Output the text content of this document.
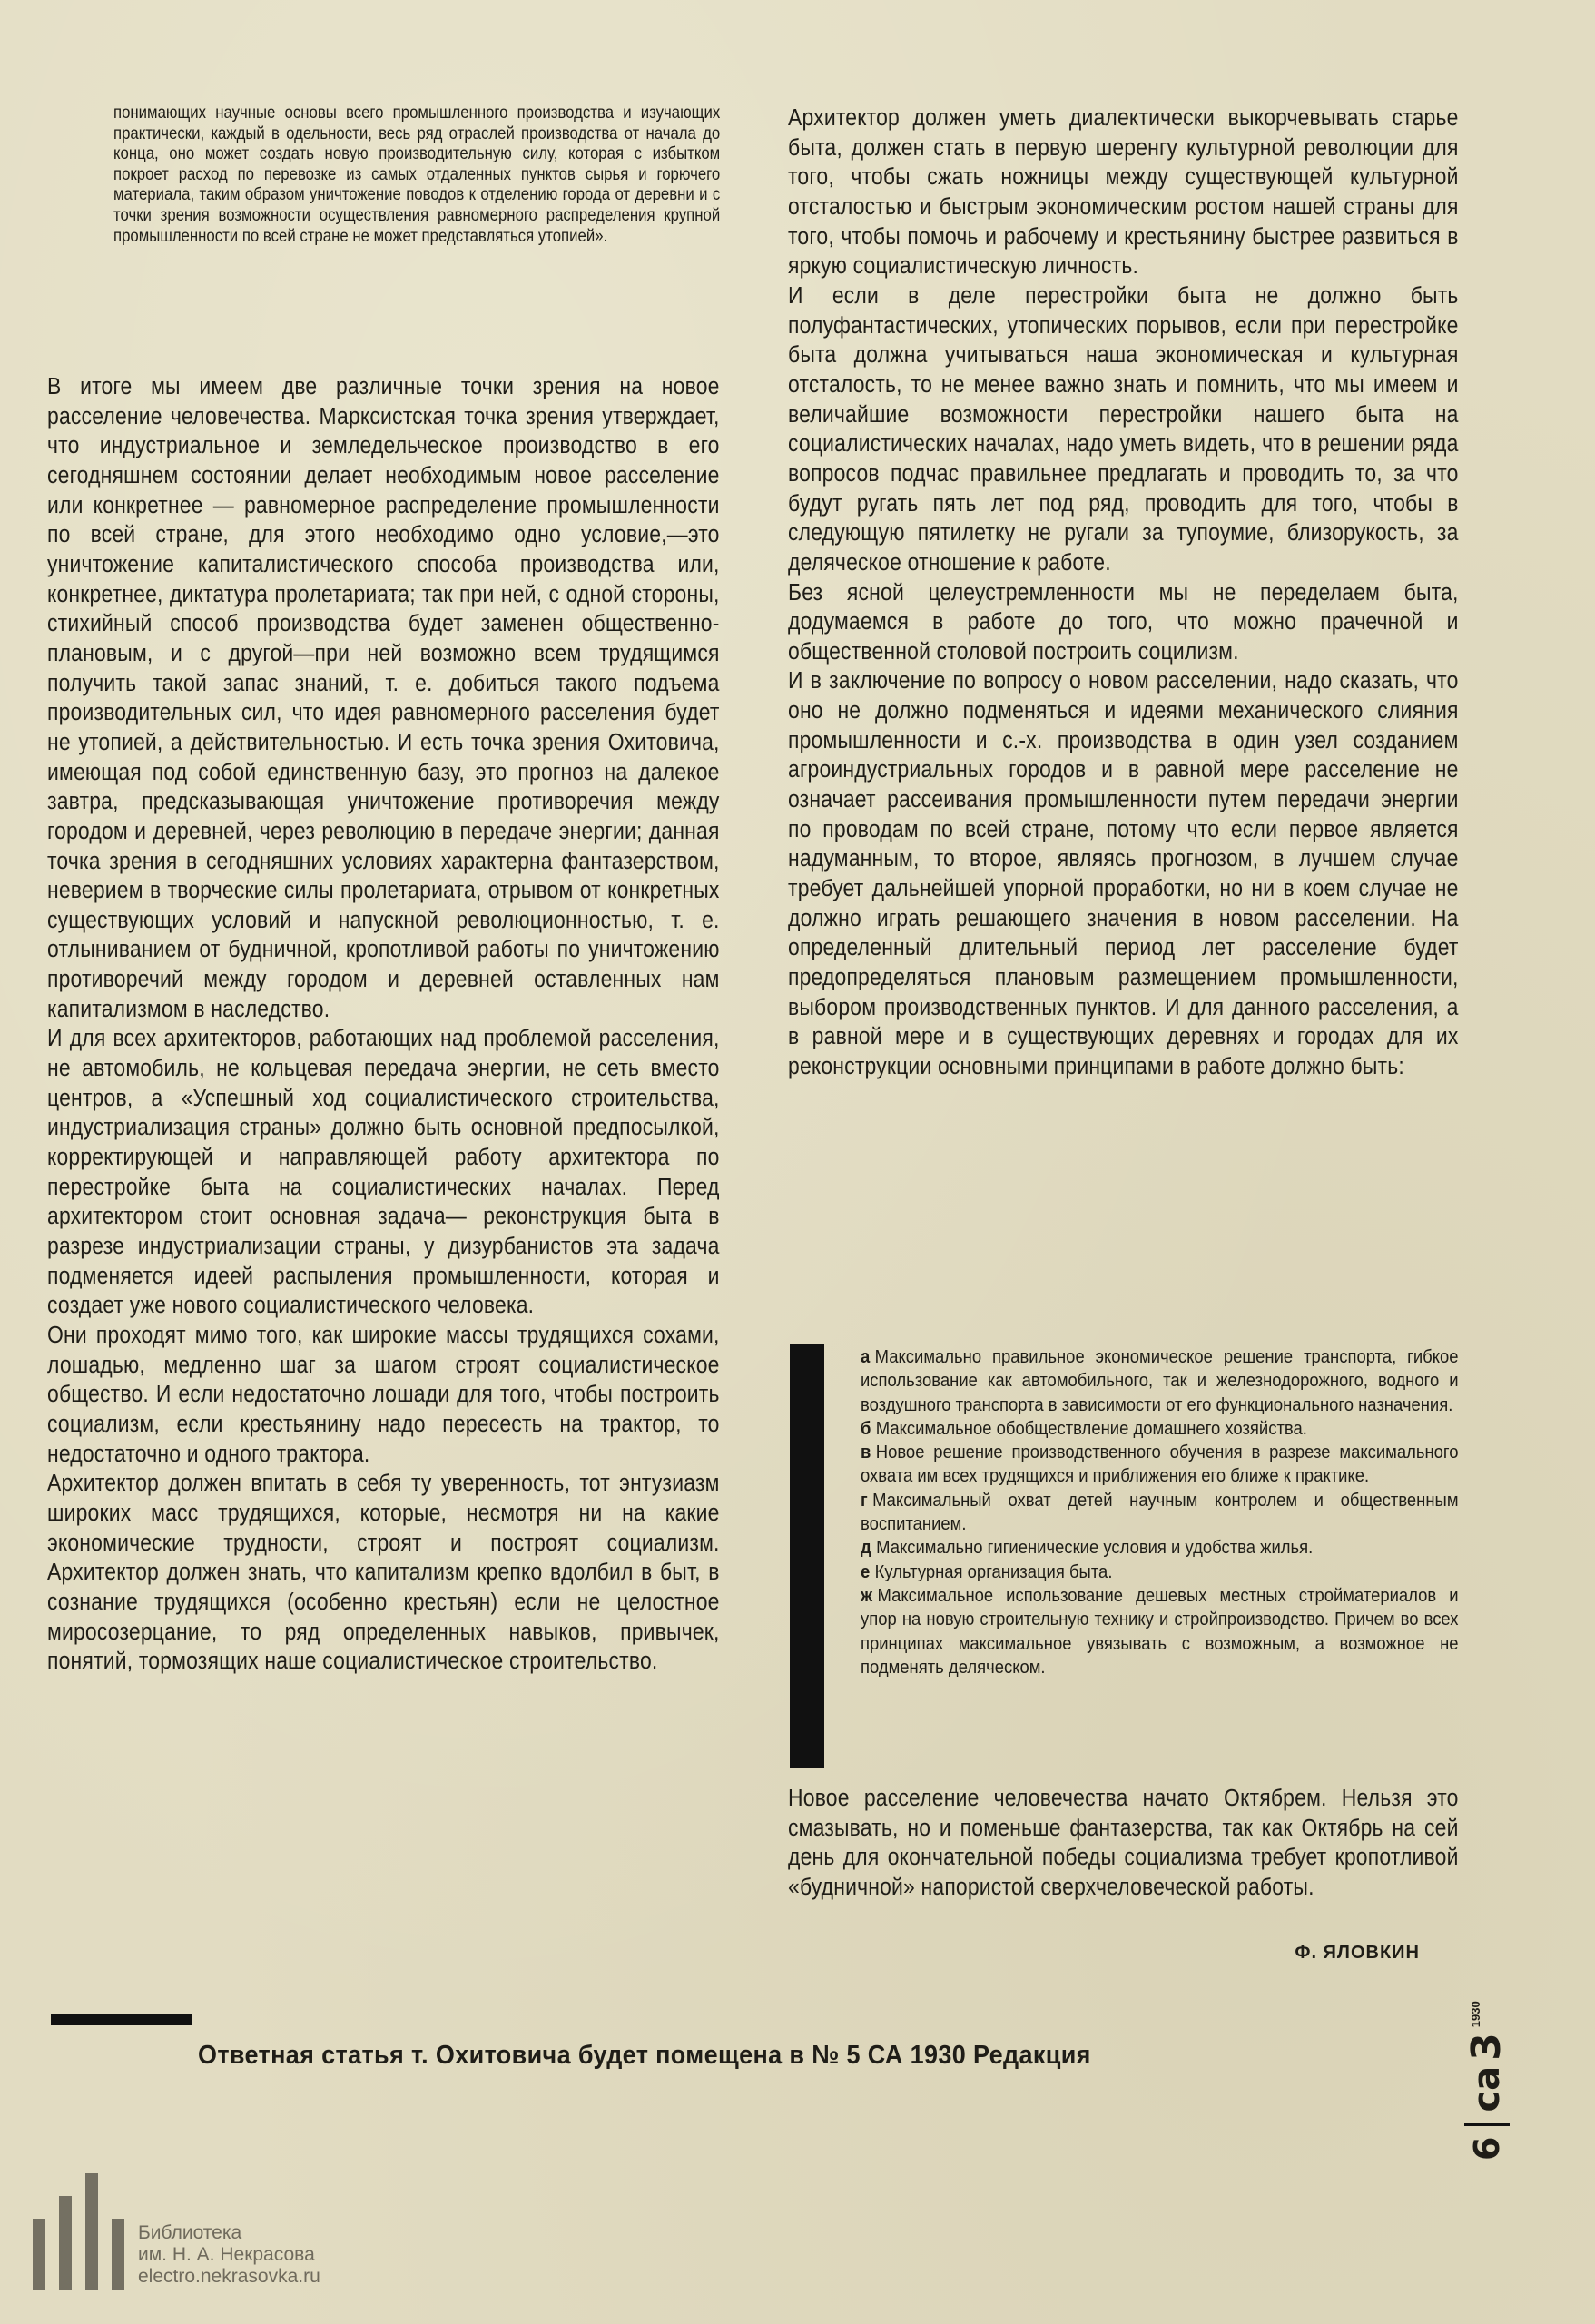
понимающих научные основы всего промышленного производства и изучающих практически, каждый в одельности, весь ряд отраслей производства от начала до конца, оно может создать новую производительную силу, которая с избытком покроет расход по перевозке из самых отдаленных пунктов сырья и горючего материала, таким образом уничтожение поводов к отделению города от деревни и с точки зрения возможности осуществления равномерного распределения крупной промышленности по всей стране не может представляться утопией».

В итоге мы имеем две различные точки зрения на новое расселение человечества. Марксистская точка зрения утверждает, что индустриальное и земледельческое производство в его сегодняшнем состоянии делает необходимым новое расселение или конкретнее — равномерное распределение промышленности по всей стране, для этого необходимо одно условие,—это уничтожение капиталистического способа производства или, конкретнее, диктатура пролетариата; так при ней, с одной стороны, стихийный способ производства будет заменен общественно-плановым, и с другой—при ней возможно всем трудящимся получить такой запас знаний, т. е. добиться такого подъема производительных сил, что идея равномерного расселения будет не утопией, а действительностью. И есть точка зрения Охитовича, имеющая под собой единственную базу, это прогноз на далекое завтра, предсказывающая уничтожение противоречия между городом и деревней, через революцию в передаче энергии; данная точка зрения в сегодняшних условиях характерна фантазерством, неверием в творческие силы пролетариата, отрывом от конкретных существующих условий и напускной революционностью, т. е. отлыниванием от будничной, кропотливой работы по уничтожению противоречий между городом и деревней оставленных нам капитализмом в наследство.

И для всех архитекторов, работающих над проблемой расселения, не автомобиль, не кольцевая передача энергии, не сеть вместо центров, а «Успешный ход социалистического строительства, индустриализация страны» должно быть основной предпосылкой, корректирующей и направляющей работу архитектора по перестройке быта на социалистических началах. Перед архитектором стоит основная задача— реконструкция быта в разрезе индустриализации страны, у дизурбанистов эта задача подменяется идеей распыления промышленности, которая и создает уже нового социалистического человека.

Они проходят мимо того, как широкие массы трудящихся сохами, лошадью, медленно шаг за шагом строят социалистическое общество. И если недостаточно лошади для того, чтобы построить социализм, если крестьянину надо пересесть на трактор, то недостаточно и одного трактора.

Архитектор должен впитать в себя ту уверенность, тот энтузиазм широких масс трудящихся, которые, несмотря ни на какие экономические трудности, строят и построят социализм. Архитектор должен знать, что капитализм крепко вдолбил в быт, в сознание трудящихся (особенно крестьян) если не целостное миросозерцание, то ряд определенных навыков, привычек, понятий, тормозящих наше социалистическое строительство.

Архитектор должен уметь диалектически выкорчевывать старье быта, должен стать в первую шеренгу культурной революции для того, чтобы сжать ножницы между существующей культурной отсталостью и быстрым экономическим ростом нашей страны для того, чтобы помочь и рабочему и крестьянину быстрее развиться в яркую социалистическую личность.

И если в деле перестройки быта не должно быть полуфантастических, утопических порывов, если при перестройке быта должна учитываться наша экономическая и культурная отсталость, то не менее важно знать и помнить, что мы имеем и величайшие возможности перестройки нашего быта на социалистических началах, надо уметь видеть, что в решении ряда вопросов подчас правильнее предлагать и проводить то, за что будут ругать пять лет под ряд, проводить для того, чтобы в следующую пятилетку не ругали за тупоумие, близорукость, за деляческое отношение к работе.

Без ясной целеустремленности мы не переделаем быта, додумаемся в работе до того, что можно прачечной и общественной столовой построить социлизм.

И в заключение по вопросу о новом расселении, надо сказать, что оно не должно подменяться и идеями механического слияния промышленности и с.-х. производства в один узел созданием агроиндустриальных городов и в равной мере расселение не означает рассеивания промышленности путем передачи энергии по проводам по всей стране, потому что если первое является надуманным, то второе, являясь прогнозом, в лучшем случае требует дальнейшей упорной проработки, но ни в коем случае не должно играть решающего значения в новом расселении. На определенный длительный период лет расселение будет предопределяться плановым размещением промышленности, выбором производственных пунктов. И для данного расселения, а в равной мере и в существующих деревнях и городах для их реконструкции основными принципами в работе должно быть:

а Максимально правильное экономическое решение транспорта, гибкое использование как автомобильного, так и железнодорожного, водного и воздушного транспорта в зависимости от его функционального назначения.

б Максимальное обобществление домашнего хозяйства.

в Новое решение производственного обучения в разрезе максимального охвата им всех трудящихся и приближения его ближе к практике.

г Максимальный охват детей научным контролем и общественным воспитанием.

д Максимально гигиенические условия и удобства жилья.

е Культурная организация быта.

ж Максимальное использование дешевых местных стройматериалов и упор на новую строительную технику и стройпроизводство. Причем во всех принципах максимальное увязывать с возможным, а возможное не подменять деляческом.

Новое расселение человечества начато Октябрем. Нельзя это смазывать, но и поменьше фантазерства, так как Октябрь на сей день для окончательной победы социализма требует кропотливой «будничной» напористой сверхчеловеческой работы.

Ф. ЯЛОВКИН
Ответная статья т. Охитовича будет помещена в № 5 СА 1930 Редакция
6
са
3
1930
Библиотека
им. Н. А. Некрасова
electro.nekrasovka.ru
